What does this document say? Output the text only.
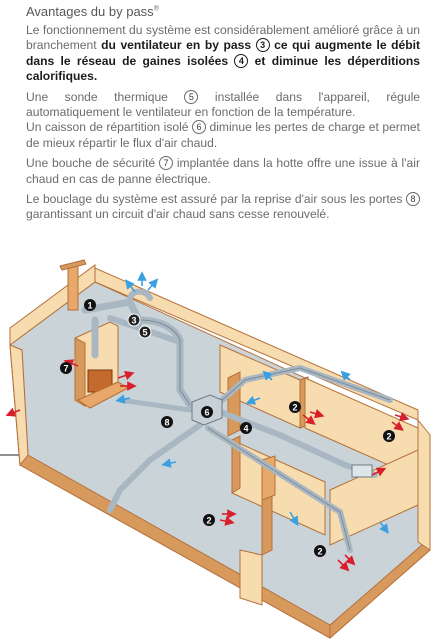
Avantages du by pass®

Le fonctionnement du système est considérablement amélioré grâce à un branchement du ventilateur en by pass 3 ce qui augmente le débit dans le réseau de gaines isolées 4 et diminue les déperditions calorifiques.

Une sonde thermique 5 installée dans l'appareil, régule automatiquement le ventilateur en fonction de la température.

Un caisson de répartition isolé 6 diminue les pertes de charge et permet de mieux répartir le flux d'air chaud.

Une bouche de sécurité 7 implantée dans la hotte offre une issue à l'air chaud en cas de panne électrique.

Le bouclage du système est assuré par la reprise d'air sous les portes 8 garantissant un circuit d'air chaud sans cesse renouvelé.

1
3
5
7
6
8
4
2
2
2
2
